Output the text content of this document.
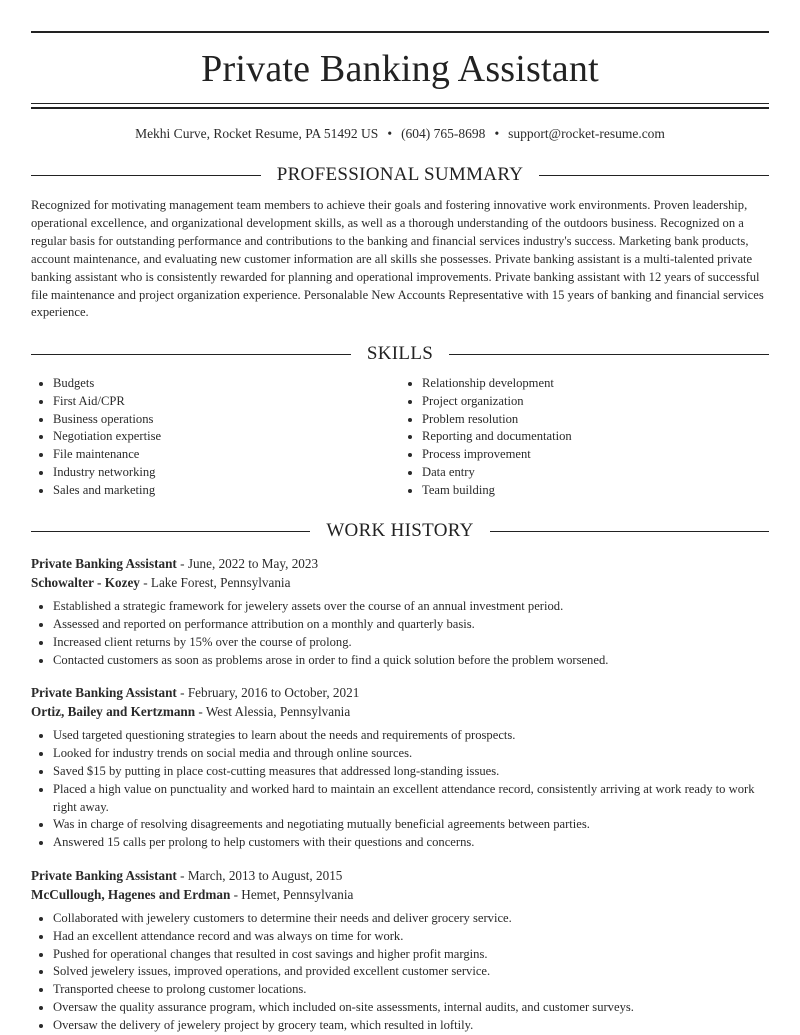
Private Banking Assistant
Mekhi Curve, Rocket Resume, PA 51492 US • (604) 765-8698 • support@rocket-resume.com
PROFESSIONAL SUMMARY
Recognized for motivating management team members to achieve their goals and fostering innovative work environments. Proven leadership, operational excellence, and organizational development skills, as well as a thorough understanding of the outdoors business. Recognized on a regular basis for outstanding performance and contributions to the banking and financial services industry's success. Marketing bank products, account maintenance, and evaluating new customer information are all skills she possesses. Private banking assistant is a multi-talented private banking assistant who is consistently rewarded for planning and operational improvements. Private banking assistant with 12 years of successful file maintenance and project organization experience. Personalable New Accounts Representative with 15 years of banking and financial services experience.
SKILLS
• Budgets
• First Aid/CPR
• Business operations
• Negotiation expertise
• File maintenance
• Industry networking
• Sales and marketing
• Relationship development
• Project organization
• Problem resolution
• Reporting and documentation
• Process improvement
• Data entry
• Team building
WORK HISTORY
Private Banking Assistant - June, 2022 to May, 2023
Schowalter - Kozey - Lake Forest, Pennsylvania
• Established a strategic framework for jewelery assets over the course of an annual investment period.
• Assessed and reported on performance attribution on a monthly and quarterly basis.
• Increased client returns by 15% over the course of prolong.
• Contacted customers as soon as problems arose in order to find a quick solution before the problem worsened.
Private Banking Assistant - February, 2016 to October, 2021
Ortiz, Bailey and Kertzmann - West Alessia, Pennsylvania
• Used targeted questioning strategies to learn about the needs and requirements of prospects.
• Looked for industry trends on social media and through online sources.
• Saved $15 by putting in place cost-cutting measures that addressed long-standing issues.
• Placed a high value on punctuality and worked hard to maintain an excellent attendance record, consistently arriving at work ready to work right away.
• Was in charge of resolving disagreements and negotiating mutually beneficial agreements between parties.
• Answered 15 calls per prolong to help customers with their questions and concerns.
Private Banking Assistant - March, 2013 to August, 2015
McCullough, Hagenes and Erdman - Hemet, Pennsylvania
• Collaborated with jewelery customers to determine their needs and deliver grocery service.
• Had an excellent attendance record and was always on time for work.
• Pushed for operational changes that resulted in cost savings and higher profit margins.
• Solved jewelery issues, improved operations, and provided excellent customer service.
• Transported cheese to prolong customer locations.
• Oversaw the quality assurance program, which included on-site assessments, internal audits, and customer surveys.
• Oversaw the delivery of jewelery project by grocery team, which resulted in loftily.
